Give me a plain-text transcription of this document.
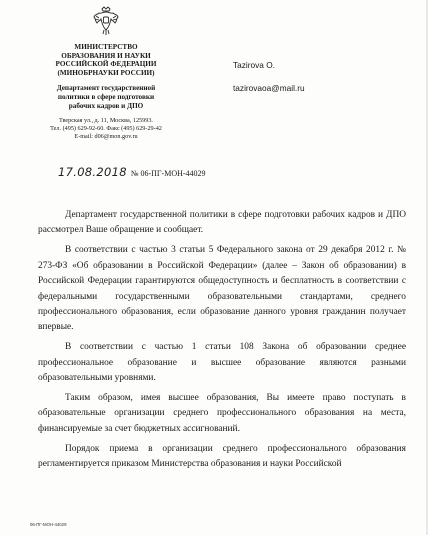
МИНИСТЕРСТВО
ОБРАЗОВАНИЯ И НАУКИ
РОССИЙСКОЙ ФЕДЕРАЦИИ
(МИНОБРНАУКИ РОССИИ)
Департамент государственной
политики в сфере подготовки
рабочих кадров и ДПО
Тверская ул., д. 11, Москва, 125993.
Тел. (495) 629-92-60. Факс (495) 629-29-42
E-mail: d06@mon.gov.ru
17.08.2018 № 06-ПГ-МОН-44029
Tazirova O.
tazirovaoa@mail.ru

Департамент государственной политики в сфере подготовки рабочих кадров и ДПО рассмотрел Ваше обращение и сообщает.

В соответствии с частью 3 статьи 5 Федерального закона от 29 декабря 2012 г. № 273-ФЗ «Об образовании в Российской Федерации» (далее – Закон об образовании) в Российской Федерации гарантируются общедоступность и бесплатность в соответствии с федеральными государственными образовательными стандартами, среднего профессионального образования, если образование данного уровня гражданин получает впервые.

В соответствии с частью 1 статьи 108 Закона об образовании среднее профессиональное образование и высшее образование являются разными образовательными уровнями.

Таким образом, имея высшее образования, Вы имеете право поступать в образовательные организации среднего профессионального образования на места, финансируемые за счет бюджетных ассигнований.

Порядок приема в организации среднего профессионального образования регламентируется приказом Министерства образования и науки Российской

06-ПГ-МОН-44029
